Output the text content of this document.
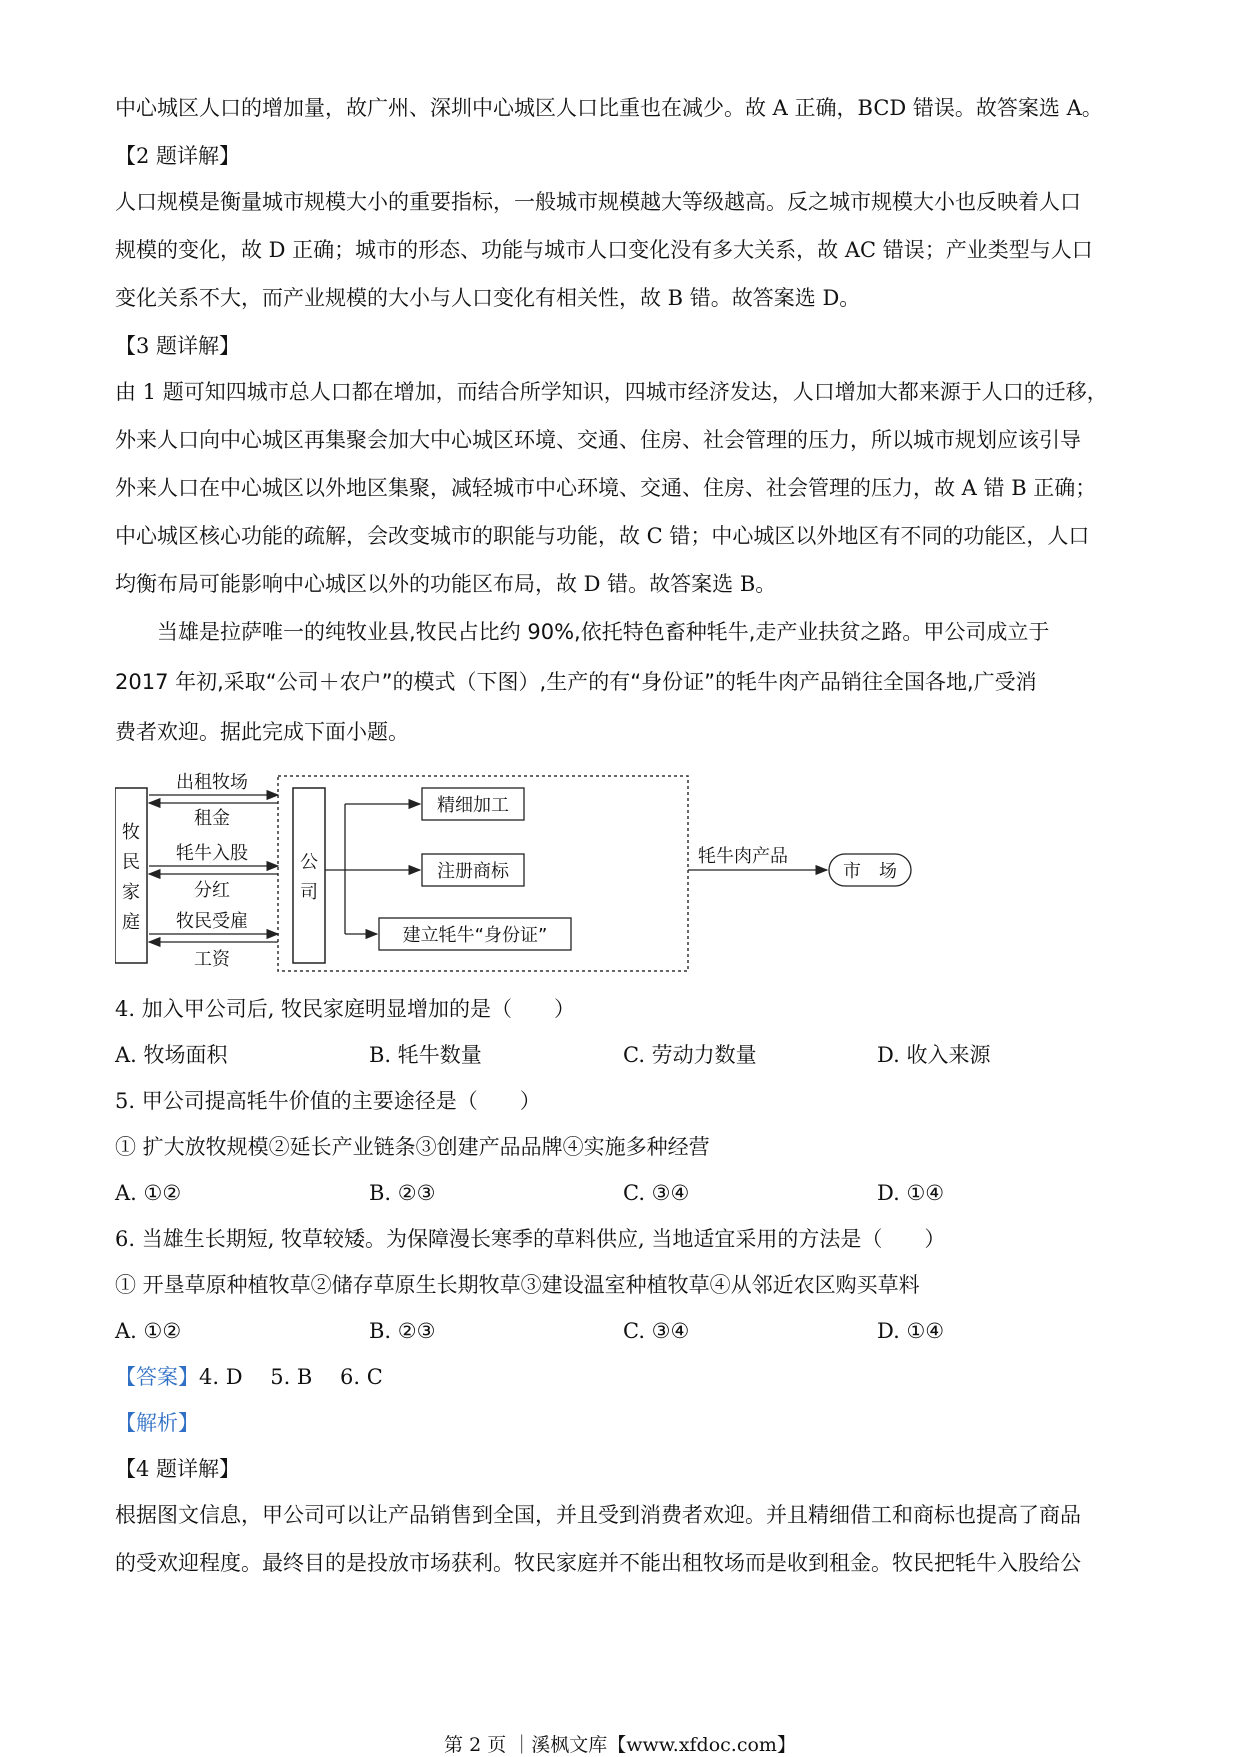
中心城区人口的增加量，故广州、深圳中心城区人口比重也在减少。故 A 正确，BCD 错误。故答案选 A。

【2 题详解】

人口规模是衡量城市规模大小的重要指标，一般城市规模越大等级越高。反之城市规模大小也反映着人口

规模的变化，故 D 正确；城市的形态、功能与城市人口变化没有多大关系，故 AC 错误；产业类型与人口

变化关系不大，而产业规模的大小与人口变化有相关性，故 B 错。故答案选 D。

【3 题详解】

由 1 题可知四城市总人口都在增加，而结合所学知识，四城市经济发达，人口增加大都来源于人口的迁移，

外来人口向中心城区再集聚会加大中心城区环境、交通、住房、社会管理的压力，所以城市规划应该引导

外来人口在中心城区以外地区集聚，减轻城市中心环境、交通、住房、社会管理的压力，故 A 错 B 正确；

中心城区核心功能的疏解，会改变城市的职能与功能，故 C 错；中心城区以外地区有不同的功能区，人口

均衡布局可能影响中心城区以外的功能区布局，故 D 错。故答案选 B。

当雄是拉萨唯一的纯牧业县,牧民占比约 90%,依托特色畜种牦牛,走产业扶贫之路。甲公司成立于

2017 年初,采取“公司＋农户”的模式（下图）,生产的有“身份证”的牦牛肉产品销往全国各地,广受消

费者欢迎。据此完成下面小题。

牧
民
家
庭
公
司
出租牧场
租金
牦牛入股
分红
牧民受雇
工资
精细加工
注册商标
建立牦牛“身份证”
牦牛肉产品
市　场

4. 加入甲公司后, 牧民家庭明显增加的是（　　）

A. 牧场面积	B. 牦牛数量	C. 劳动力数量	D. 收入来源

5. 甲公司提高牦牛价值的主要途径是（　　）

① 扩大放牧规模②延长产业链条③创建产品品牌④实施多种经营

A. ①②	B. ②③	C. ③④	D. ①④

6. 当雄生长期短, 牧草较矮。为保障漫长寒季的草料供应, 当地适宜采用的方法是（　　）

① 开垦草原种植牧草②储存草原生长期牧草③建设温室种植牧草④从邻近农区购买草料

A. ①②	B. ②③	C. ③④	D. ①④

【答案】 4. D　 5. B　 6. C

【解析】

【4 题详解】

根据图文信息，甲公司可以让产品销售到全国，并且受到消费者欢迎。并且精细借工和商标也提高了商品

的受欢迎程度。最终目的是投放市场获利。牧民家庭并不能出租牧场而是收到租金。牧民把牦牛入股给公

第 2 页 ｜溪枫文库【www.xfdoc.com】
